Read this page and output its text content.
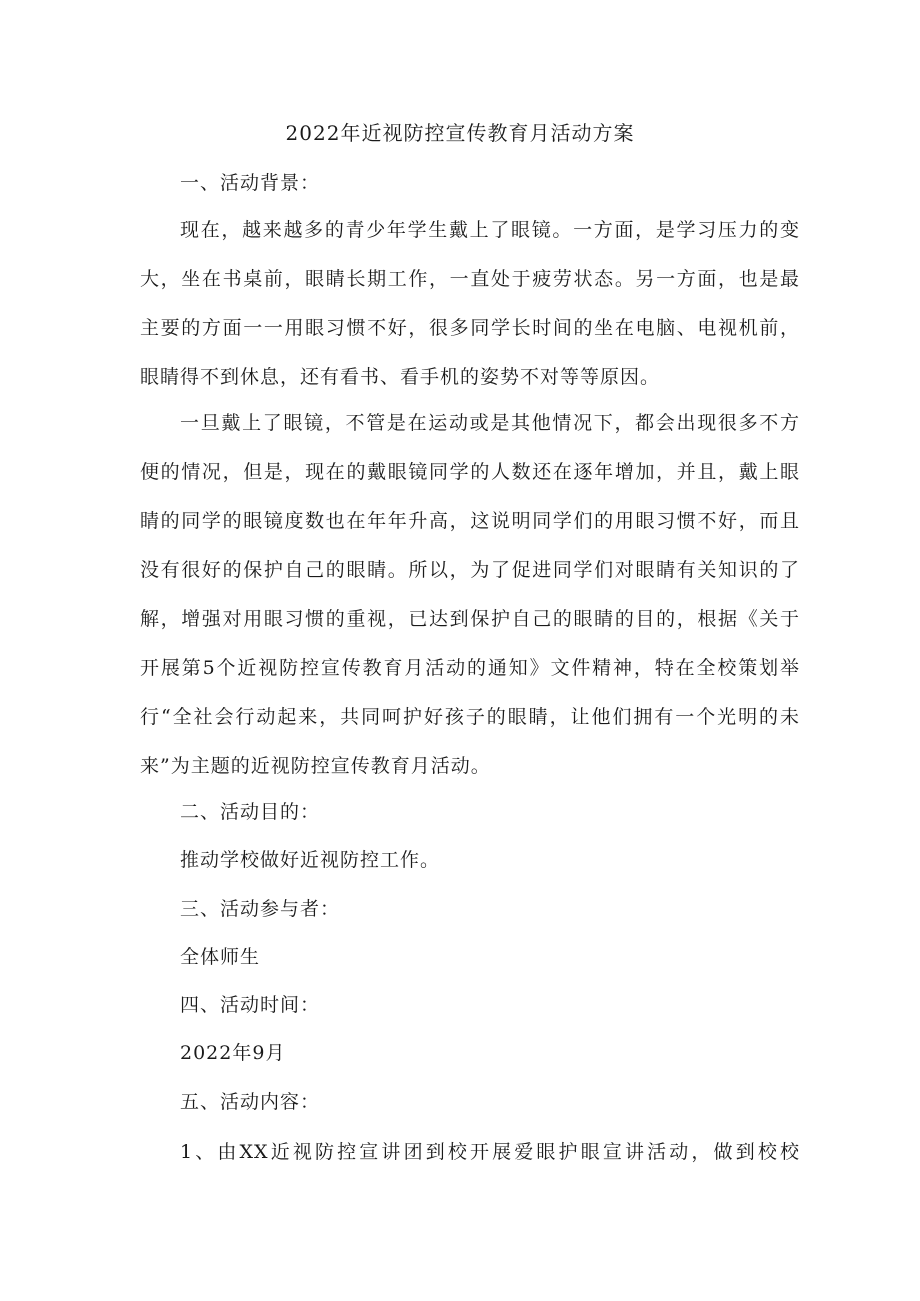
2022年近视防控宣传教育月活动方案

一、活动背景：

现在，越来越多的青少年学生戴上了眼镜。一方面，是学习压力的变

大，坐在书桌前，眼睛长期工作，一直处于疲劳状态。另一方面，也是最

主要的方面一一用眼习惯不好，很多同学长时间的坐在电脑、电视机前，

眼睛得不到休息，还有看书、看手机的姿势不对等等原因。

一旦戴上了眼镜，不管是在运动或是其他情况下，都会出现很多不方

便的情况，但是，现在的戴眼镜同学的人数还在逐年增加，并且，戴上眼

睛的同学的眼镜度数也在年年升高，这说明同学们的用眼习惯不好，而且

没有很好的保护自己的眼睛。所以，为了促进同学们对眼睛有关知识的了

解，增强对用眼习惯的重视，已达到保护自己的眼睛的目的，根据《关于

开展第5个近视防控宣传教育月活动的通知》文件精神，特在全校策划举

行“全社会行动起来，共同呵护好孩子的眼睛，让他们拥有一个光明的未

来”为主题的近视防控宣传教育月活动。

二、活动目的：

推动学校做好近视防控工作。

三、活动参与者：

全体师生

四、活动时间：

2022年9月

五、活动内容：

1、由XX近视防控宣讲团到校开展爱眼护眼宣讲活动，做到校校
